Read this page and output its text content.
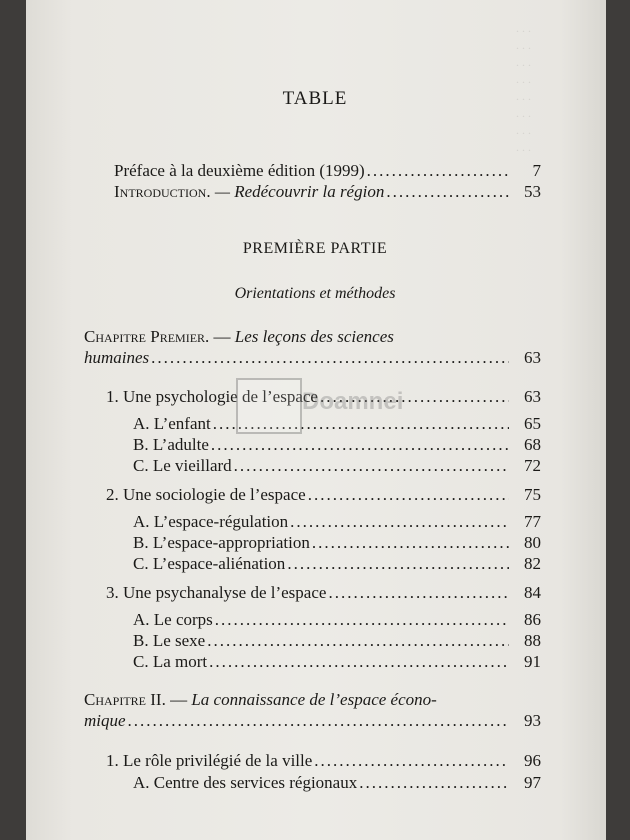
. . .
. . .
. . .
. . .
. . .
. . .
. . .
. . .
TABLE
Préface à la deuxième édition (1999) .....	7
Introduction. — Redécouvrir la région .....	53
PREMIÈRE PARTIE
Orientations et méthodes
Chapitre Premier. — Les leçons des sciences
humaines .....	63
1. Une psychologie de l’espace .....	63
A. L’enfant .....	65
B. L’adulte .....	68
C. Le vieillard .....	72
2. Une sociologie de l’espace .....	75
A. L’espace-régulation .....	77
B. L’espace-appropriation .....	80
C. L’espace-aliénation .....	82
3. Une psychanalyse de l’espace .....	84
A. Le corps .....	86
B. Le sexe .....	88
C. La mort .....	91
Chapitre II. — La connaissance de l’espace écono-
mique .....	93
1. Le rôle privilégié de la ville .....	96
A. Centre des services régionaux .....	97
Doamnei
